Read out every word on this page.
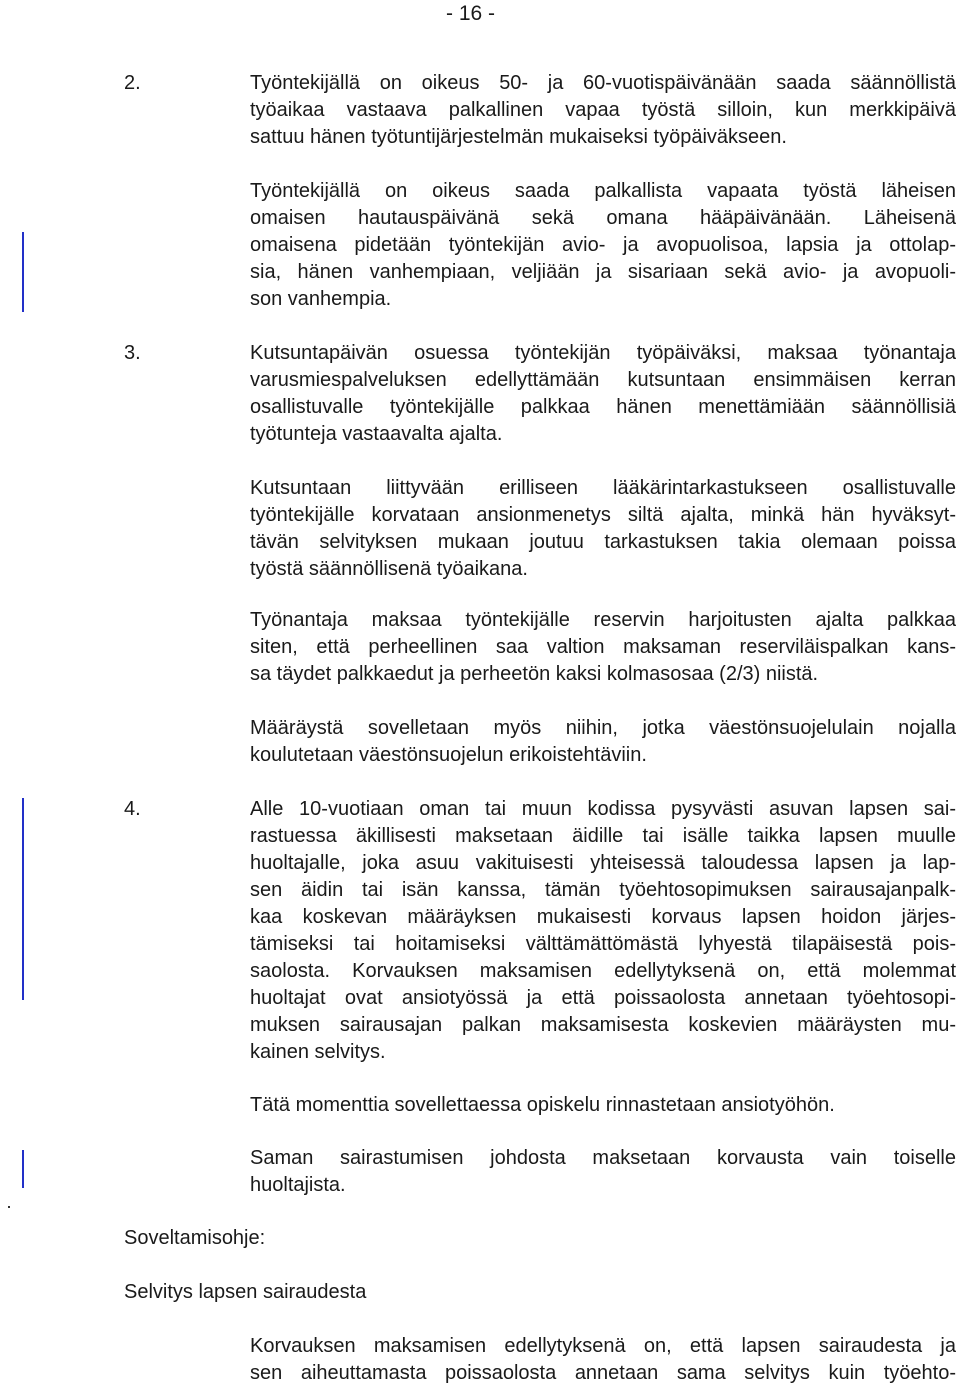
- 16 -
2.	Työntekijällä on oikeus 50- ja 60-vuotispäivänään saada säännöllistä
työaikaa vastaava palkallinen vapaa työstä silloin, kun merkkipäivä
sattuu hänen työtuntijärjestelmän mukaiseksi työpäiväkseen.
Työntekijällä on oikeus saada palkallista vapaata työstä läheisen
omaisen hautauspäivänä sekä omana hääpäivänään. Läheisenä
omaisena pidetään työntekijän avio- ja avopuolisoa, lapsia ja ottolap-
sia, hänen vanhempiaan, veljiään ja sisariaan sekä avio- ja avopuoli-
son vanhempia.
3.	Kutsuntapäivän osuessa työntekijän työpäiväksi, maksaa työnantaja
varusmiespalveluksen edellyttämään kutsuntaan ensimmäisen kerran
osallistuvalle työntekijälle palkkaa hänen menettämiään säännöllisiä
työtunteja vastaavalta ajalta.
Kutsuntaan liittyvään erilliseen lääkärintarkastukseen osallistuvalle
työntekijälle korvataan ansionmenetys siltä ajalta, minkä hän hyväksyt-
tävän selvityksen mukaan joutuu tarkastuksen takia olemaan poissa
työstä säännöllisenä työaikana.
Työnantaja maksaa työntekijälle reservin harjoitusten ajalta palkkaa
siten, että perheellinen saa valtion maksaman reserviläispalkan kans-
sa täydet palkkaedut ja perheetön kaksi kolmasosaa (2/3) niistä.
Määräystä sovelletaan myös niihin, jotka väestönsuojelulain nojalla
koulutetaan väestönsuojelun erikoistehtäviin.
4.	Alle 10-vuotiaan oman tai muun kodissa pysyvästi asuvan lapsen sai-
rastuessa äkillisesti maksetaan äidille tai isälle taikka lapsen muulle
huoltajalle, joka asuu vakituisesti yhteisessä taloudessa lapsen ja lap-
sen äidin tai isän kanssa, tämän työehtosopimuksen sairausajanpalk-
kaa koskevan määräyksen mukaisesti korvaus lapsen hoidon järjes-
tämiseksi tai hoitamiseksi välttämättömästä lyhyestä tilapäisestä pois-
saolosta. Korvauksen maksamisen edellytyksenä on, että molemmat
huoltajat ovat ansiotyössä ja että poissaolosta annetaan työehtosopi-
muksen sairausajan palkan maksamisesta koskevien määräysten mu-
kainen selvitys.
Tätä momenttia sovellettaessa opiskelu rinnastetaan ansiotyöhön.
Saman sairastumisen johdosta maksetaan korvausta vain toiselle
huoltajista.
Soveltamisohje:
Selvitys lapsen sairaudesta
Korvauksen maksamisen edellytyksenä on, että lapsen sairaudesta ja
sen aiheuttamasta poissaolosta annetaan sama selvitys kuin työehto-
